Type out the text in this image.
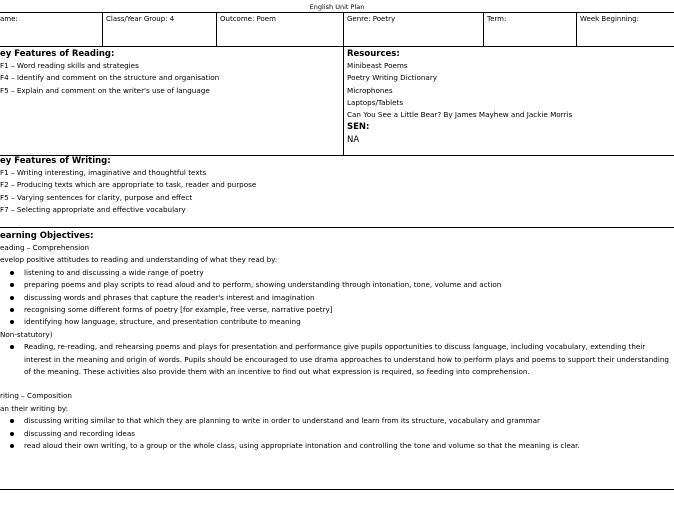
English Unit Plan
ame:	Class/Year Group: 4	Outcome: Poem	Genre: Poetry	Term:	Week Beginning:
ey Features of Reading:
F1 – Word reading skills and strategies
F4 – Identify and comment on the structure and organisation
F5 – Explain and comment on the writer's use of language
Resources:
Minibeast Poems
Poetry Writing Dictionary
Microphones
Laptops/Tablets
Can You See a Little Bear? By James Mayhew and Jackie Morris
SEN:
NA
ey Features of Writing:
F1 – Writing interesting, imaginative and thoughtful texts
F2 – Producing texts which are appropriate to task, reader and purpose
F5 – Varying sentences for clarity, purpose and effect
F7 – Selecting appropriate and effective vocabulary
earning Objectives:
eading – Comprehension
evelop positive attitudes to reading and understanding of what they read by:
listening to and discussing a wide range of poetry
preparing poems and play scripts to read aloud and to perform, showing understanding through intonation, tone, volume and action
discussing words and phrases that capture the reader's interest and imagination
recognising some different forms of poetry [for example, free verse, narrative poetry]
identifying how language, structure, and presentation contribute to meaning
Non-statutory)
Reading, re-reading, and rehearsing poems and plays for presentation and performance give pupils opportunities to discuss language, including vocabulary, extending their interest in the meaning and origin of words. Pupils should be encouraged to use drama approaches to understand how to perform plays and poems to support their understanding of the meaning. These activities also provide them with an incentive to find out what expression is required, so feeding into comprehension.
riting – Composition
an their writing by:
discussing writing similar to that which they are planning to write in order to understand and learn from its structure, vocabulary and grammar
discussing and recording ideas
read aloud their own writing, to a group or the whole class, using appropriate intonation and controlling the tone and volume so that the meaning is clear.
